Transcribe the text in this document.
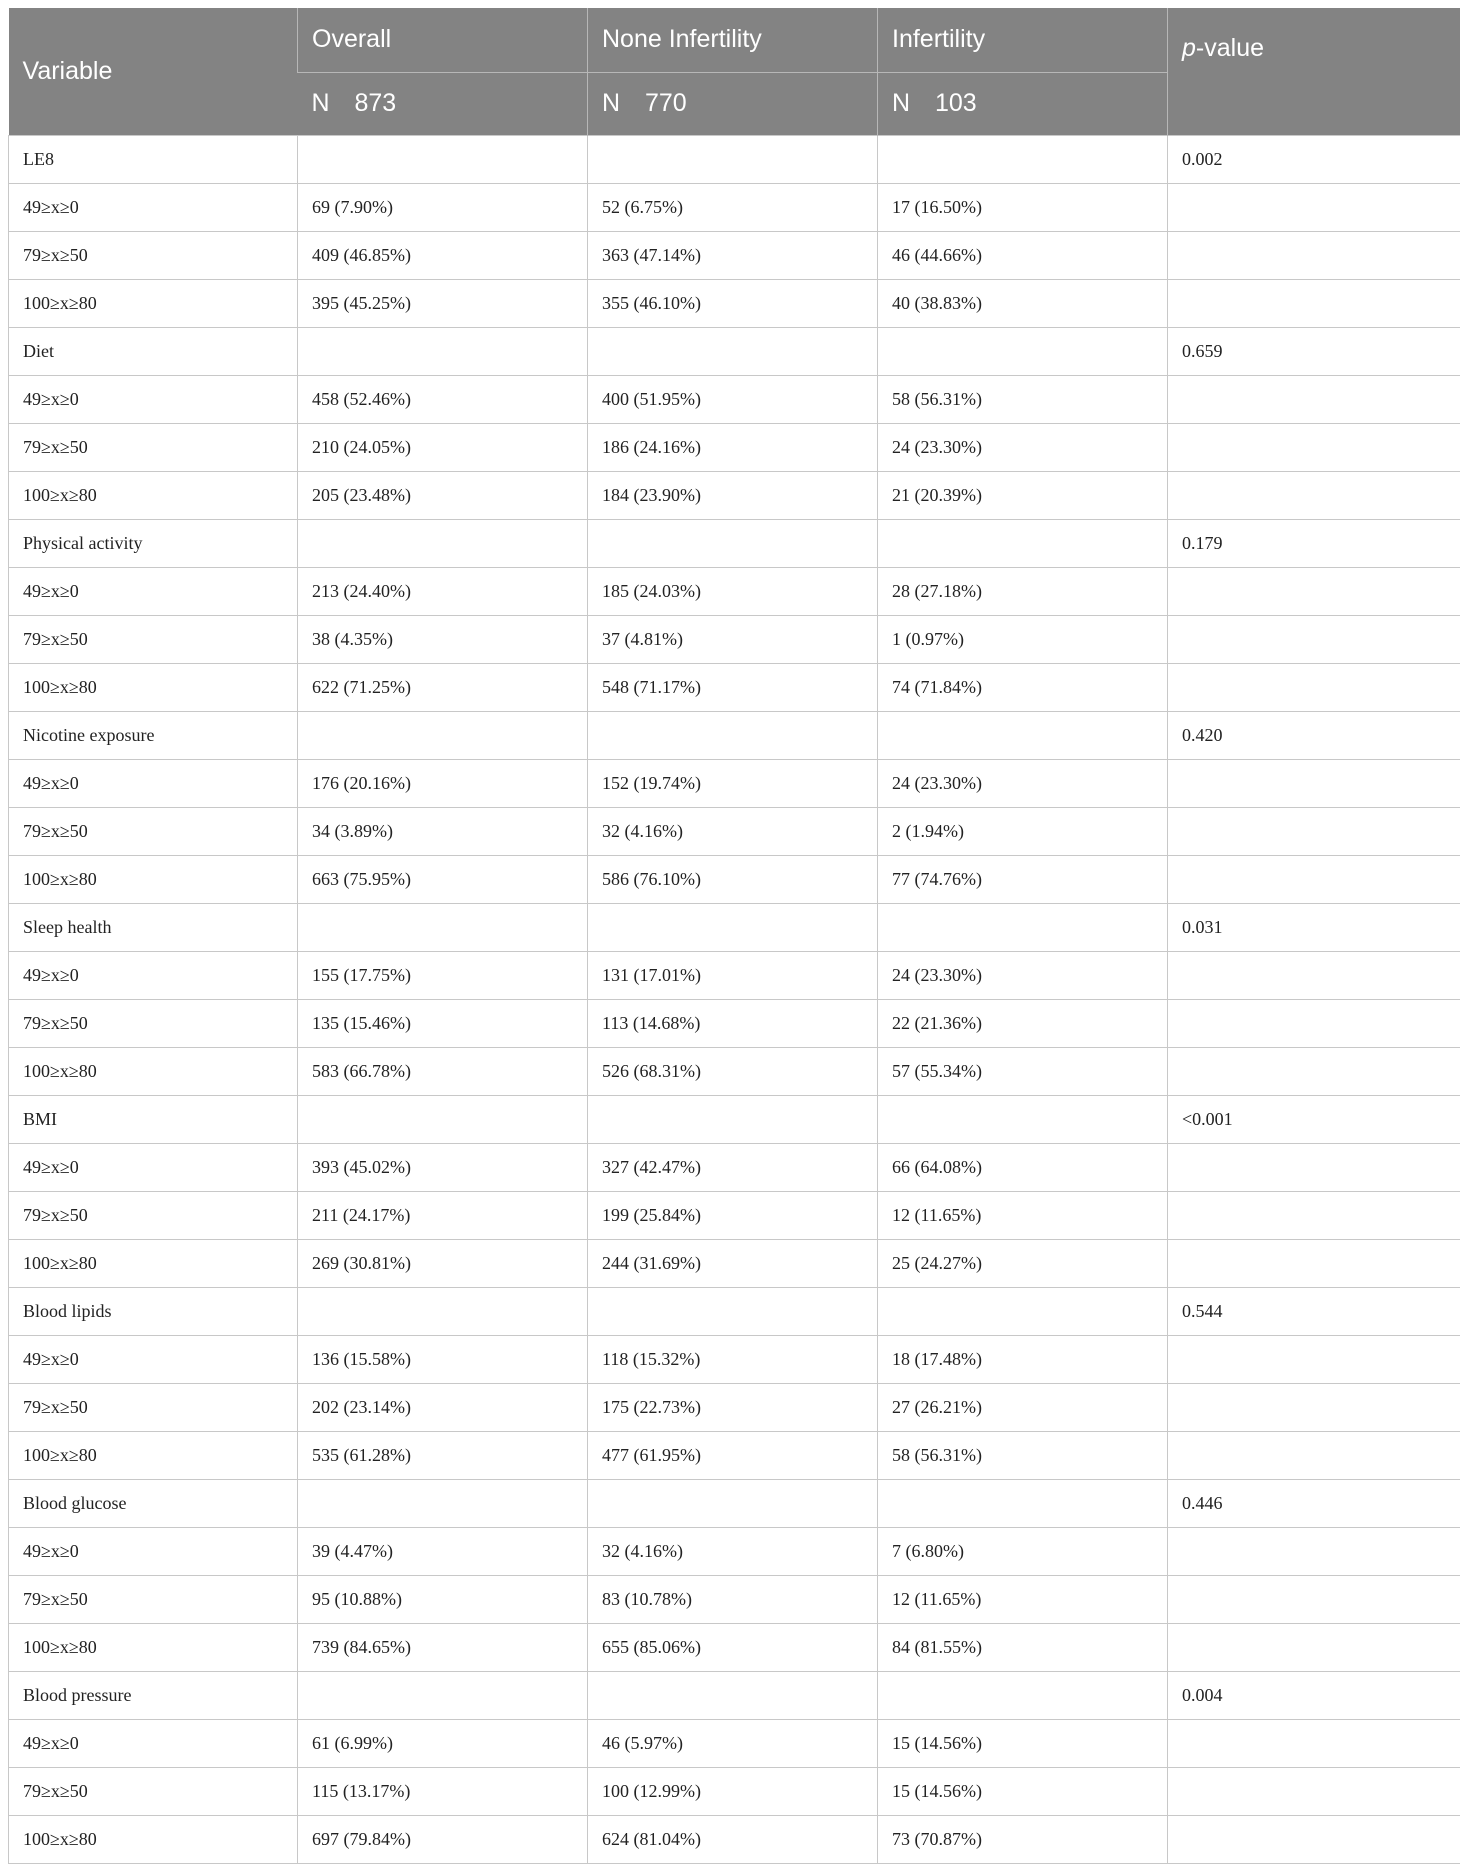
Variable	Overall	None Infertility	Infertility	p-value
	N 873	N 770	N 103	
LE8				0.002
49≥x≥0	69 (7.90%)	52 (6.75%)	17 (16.50%)	
79≥x≥50	409 (46.85%)	363 (47.14%)	46 (44.66%)	
100≥x≥80	395 (45.25%)	355 (46.10%)	40 (38.83%)	
Diet				0.659
49≥x≥0	458 (52.46%)	400 (51.95%)	58 (56.31%)	
79≥x≥50	210 (24.05%)	186 (24.16%)	24 (23.30%)	
100≥x≥80	205 (23.48%)	184 (23.90%)	21 (20.39%)	
Physical activity				0.179
49≥x≥0	213 (24.40%)	185 (24.03%)	28 (27.18%)	
79≥x≥50	38 (4.35%)	37 (4.81%)	1 (0.97%)	
100≥x≥80	622 (71.25%)	548 (71.17%)	74 (71.84%)	
Nicotine exposure				0.420
49≥x≥0	176 (20.16%)	152 (19.74%)	24 (23.30%)	
79≥x≥50	34 (3.89%)	32 (4.16%)	2 (1.94%)	
100≥x≥80	663 (75.95%)	586 (76.10%)	77 (74.76%)	
Sleep health				0.031
49≥x≥0	155 (17.75%)	131 (17.01%)	24 (23.30%)	
79≥x≥50	135 (15.46%)	113 (14.68%)	22 (21.36%)	
100≥x≥80	583 (66.78%)	526 (68.31%)	57 (55.34%)	
BMI				<0.001
49≥x≥0	393 (45.02%)	327 (42.47%)	66 (64.08%)	
79≥x≥50	211 (24.17%)	199 (25.84%)	12 (11.65%)	
100≥x≥80	269 (30.81%)	244 (31.69%)	25 (24.27%)	
Blood lipids				0.544
49≥x≥0	136 (15.58%)	118 (15.32%)	18 (17.48%)	
79≥x≥50	202 (23.14%)	175 (22.73%)	27 (26.21%)	
100≥x≥80	535 (61.28%)	477 (61.95%)	58 (56.31%)	
Blood glucose				0.446
49≥x≥0	39 (4.47%)	32 (4.16%)	7 (6.80%)	
79≥x≥50	95 (10.88%)	83 (10.78%)	12 (11.65%)	
100≥x≥80	739 (84.65%)	655 (85.06%)	84 (81.55%)	
Blood pressure				0.004
49≥x≥0	61 (6.99%)	46 (5.97%)	15 (14.56%)	
79≥x≥50	115 (13.17%)	100 (12.99%)	15 (14.56%)	
100≥x≥80	697 (79.84%)	624 (81.04%)	73 (70.87%)	
